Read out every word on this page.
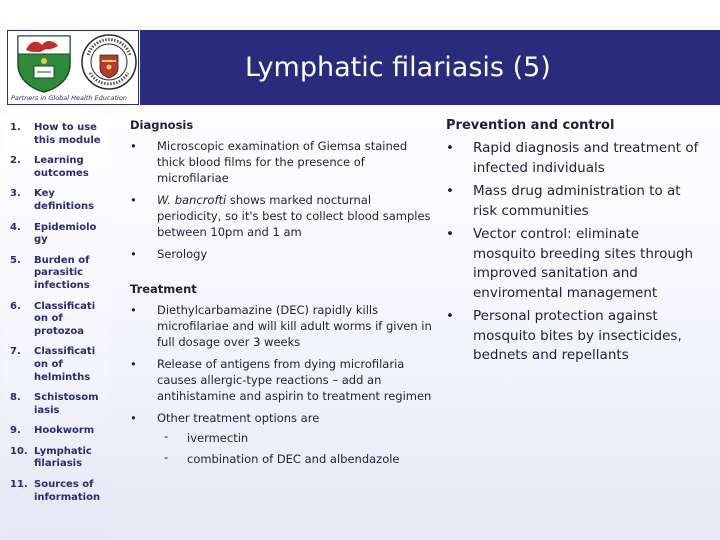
Partners in Global Health Education
Lymphatic filariasis (5)
1. How to use this module
2. Learning outcomes
3. Key definitions
4. Epidemiolo gy
5. Burden of parasitic infections
6. Classificati on of protozoa
7. Classificati on of helminths
8. Schistosom iasis
9. Hookworm
10. Lymphatic filariasis
11. Sources of information
Diagnosis
• Microscopic examination of Giemsa stained thick blood films for the presence of microfilariae
• W. bancrofti shows marked nocturnal periodicity, so it's best to collect blood samples between 10pm and 1 am
• Serology
Treatment
• Diethylcarbamazine (DEC) rapidly kills microfilariae and will kill adult worms if given in full dosage over 3 weeks
• Release of antigens from dying microfilaria causes allergic-type reactions – add an antihistamine and aspirin to treatment regimen
• Other treatment options are
- ivermectin
- combination of DEC and albendazole
Prevention and control
• Rapid diagnosis and treatment of infected individuals
• Mass drug administration to at risk communities
• Vector control: eliminate mosquito breeding sites through improved sanitation and enviromental management
• Personal protection against mosquito bites by insecticides, bednets and repellants
